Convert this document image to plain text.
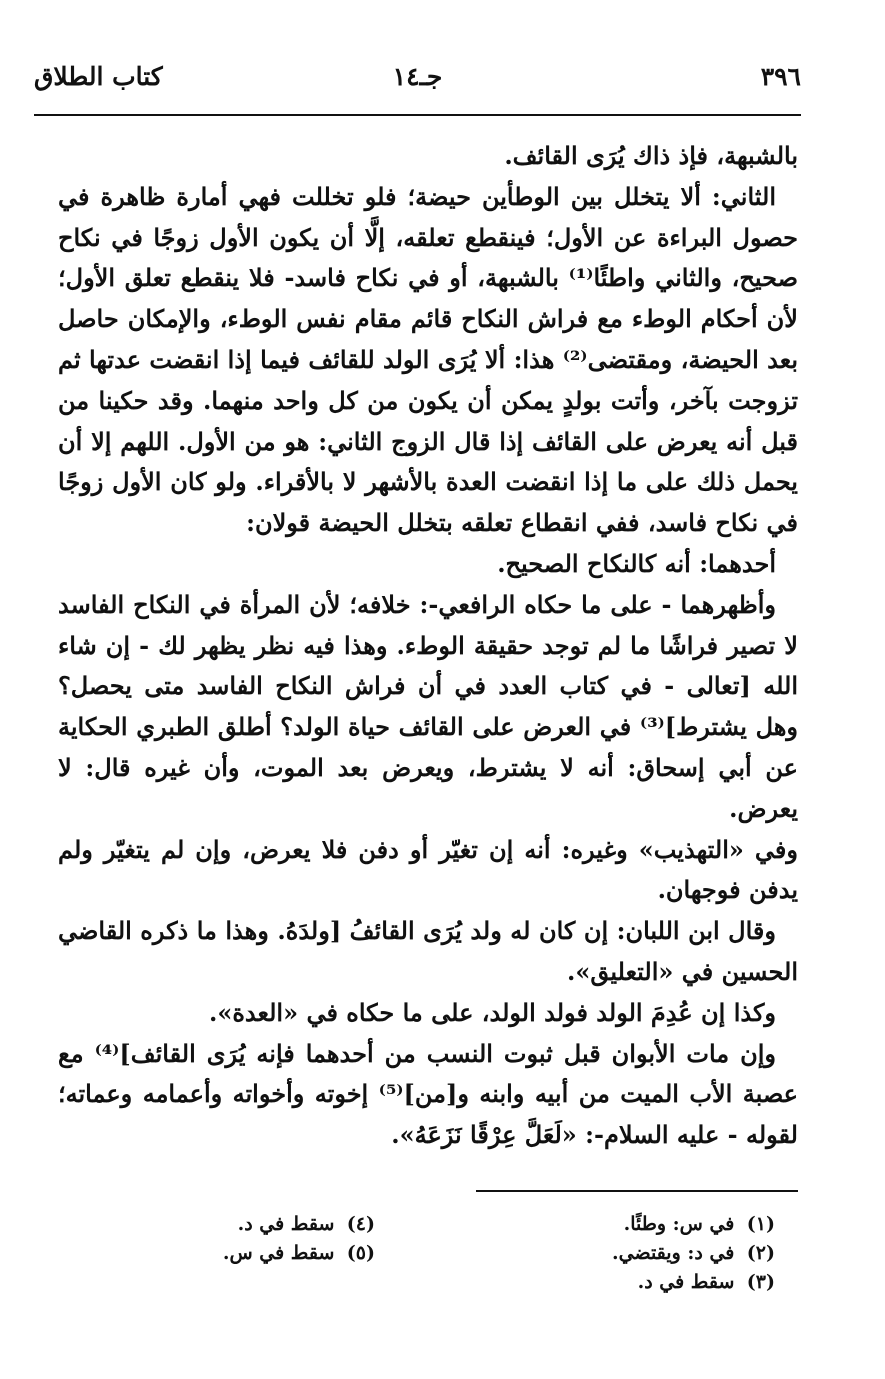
٣٩٦
جـ١٤
كتاب الطلاق

بالشبهة، فإذ ذاك يُرَى القائف.

الثاني: ألا يتخلل بين الوطأين حيضة؛ فلو تخللت فهي أمارة ظاهرة في حصول البراءة عن الأول؛ فينقطع تعلقه، إلَّا أن يكون الأول زوجًا في نكاح صحيح، والثاني واطئًا⁽¹⁾ بالشبهة، أو في نكاح فاسد- فلا ينقطع تعلق الأول؛ لأن أحكام الوطء مع فراش النكاح قائم مقام نفس الوطء، والإمكان حاصل بعد الحيضة، ومقتضى⁽²⁾ هذا: ألا يُرَى الولد للقائف فيما إذا انقضت عدتها ثم تزوجت بآخر، وأتت بولدٍ يمكن أن يكون من كل واحد منهما. وقد حكينا من قبل أنه يعرض على القائف إذا قال الزوج الثاني: هو من الأول. اللهم إلا أن يحمل ذلك على ما إذا انقضت العدة بالأشهر لا بالأقراء. ولو كان الأول زوجًا في نكاح فاسد، ففي انقطاع تعلقه بتخلل الحيضة قولان:

أحدهما: أنه كالنكاح الصحيح.

وأظهرهما - على ما حكاه الرافعي-: خلافه؛ لأن المرأة في النكاح الفاسد لا تصير فراشًا ما لم توجد حقيقة الوطء. وهذا فيه نظر يظهر لك - إن شاء الله [تعالى - في كتاب العدد في أن فراش النكاح الفاسد متى يحصل؟ وهل يشترط]⁽³⁾ في العرض على القائف حياة الولد؟ أطلق الطبري الحكاية عن أبي إسحاق: أنه لا يشترط، ويعرض بعد الموت، وأن غيره قال: لا يعرض.

وفي «التهذيب» وغيره: أنه إن تغيّر أو دفن فلا يعرض، وإن لم يتغيّر ولم يدفن فوجهان.

وقال ابن اللبان: إن كان له ولد يُرَى القائفُ [ولدَهُ. وهذا ما ذكره القاضي الحسين في «التعليق».

وكذا إن عُدِمَ الولد فولد الولد، على ما حكاه في «العدة».

وإن مات الأبوان قبل ثبوت النسب من أحدهما فإنه يُرَى القائف]⁽⁴⁾ مع عصبة الأب الميت من أبيه وابنه و[من]⁽⁵⁾ إخوته وأخواته وأعمامه وعماته؛ لقوله - عليه السلام-: «لَعَلَّ عِرْقًا نَزَعَهُ».

(١) في س: وطئًا.
(٢) في د: ويقتضي.
(٣) سقط في د.
(٤) سقط في د.
(٥) سقط في س.
